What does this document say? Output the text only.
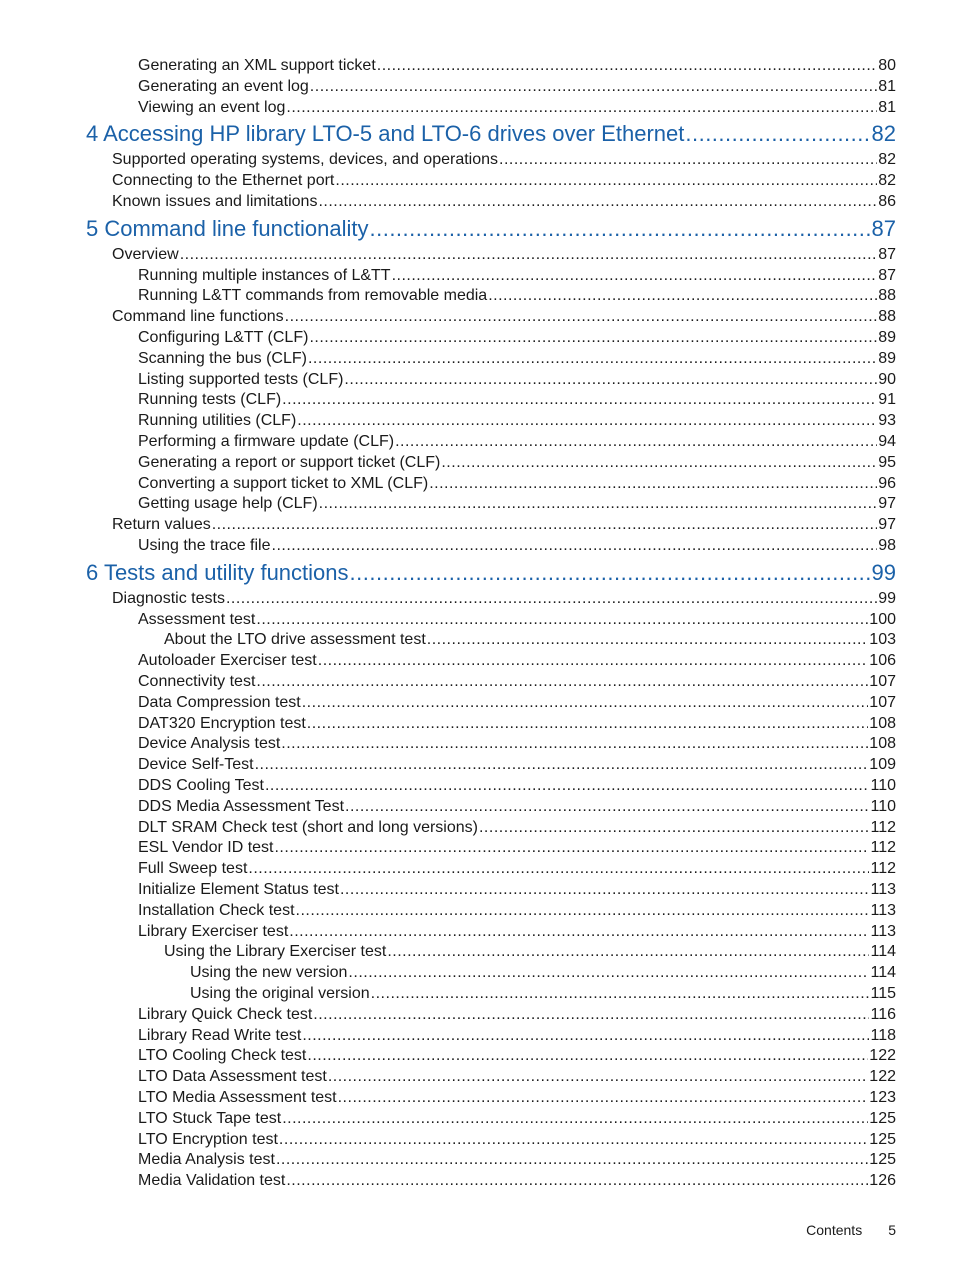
Generating an XML support ticket .....	80
Generating an event log .....	81
Viewing an event log .....	81
4 Accessing HP library LTO-5 and LTO-6 drives over Ethernet .....	82
Supported operating systems, devices, and operations .....	82
Connecting to the Ethernet port .....	82
Known issues and limitations .....	86
5 Command line functionality .....	87
Overview .....	87
Running multiple instances of L&TT .....	87
Running L&TT commands from removable media .....	88
Command line functions .....	88
Configuring L&TT (CLF) .....	89
Scanning the bus (CLF) .....	89
Listing supported tests (CLF) .....	90
Running tests (CLF) .....	91
Running utilities (CLF) .....	93
Performing a firmware update (CLF) .....	94
Generating a report or support ticket (CLF) .....	95
Converting a support ticket to XML (CLF) .....	96
Getting usage help (CLF) .....	97
Return values .....	97
Using the trace file .....	98
6 Tests and utility functions .....	99
Diagnostic tests .....	99
Assessment test .....	100
About the LTO drive assessment test .....	103
Autoloader Exerciser test .....	106
Connectivity test .....	107
Data Compression test .....	107
DAT320 Encryption test .....	108
Device Analysis test .....	108
Device Self-Test .....	109
DDS Cooling Test .....	110
DDS Media Assessment Test .....	110
DLT SRAM Check test (short and long versions) .....	112
ESL Vendor ID test .....	112
Full Sweep test .....	112
Initialize Element Status test .....	113
Installation Check test .....	113
Library Exerciser test .....	113
Using the Library Exerciser test .....	114
Using the new version .....	114
Using the original version .....	115
Library Quick Check test .....	116
Library Read Write test .....	118
LTO Cooling Check test .....	122
LTO Data Assessment test .....	122
LTO Media Assessment test .....	123
LTO Stuck Tape test .....	125
LTO Encryption test .....	125
Media Analysis test .....	125
Media Validation test .....	126
Contents 5
